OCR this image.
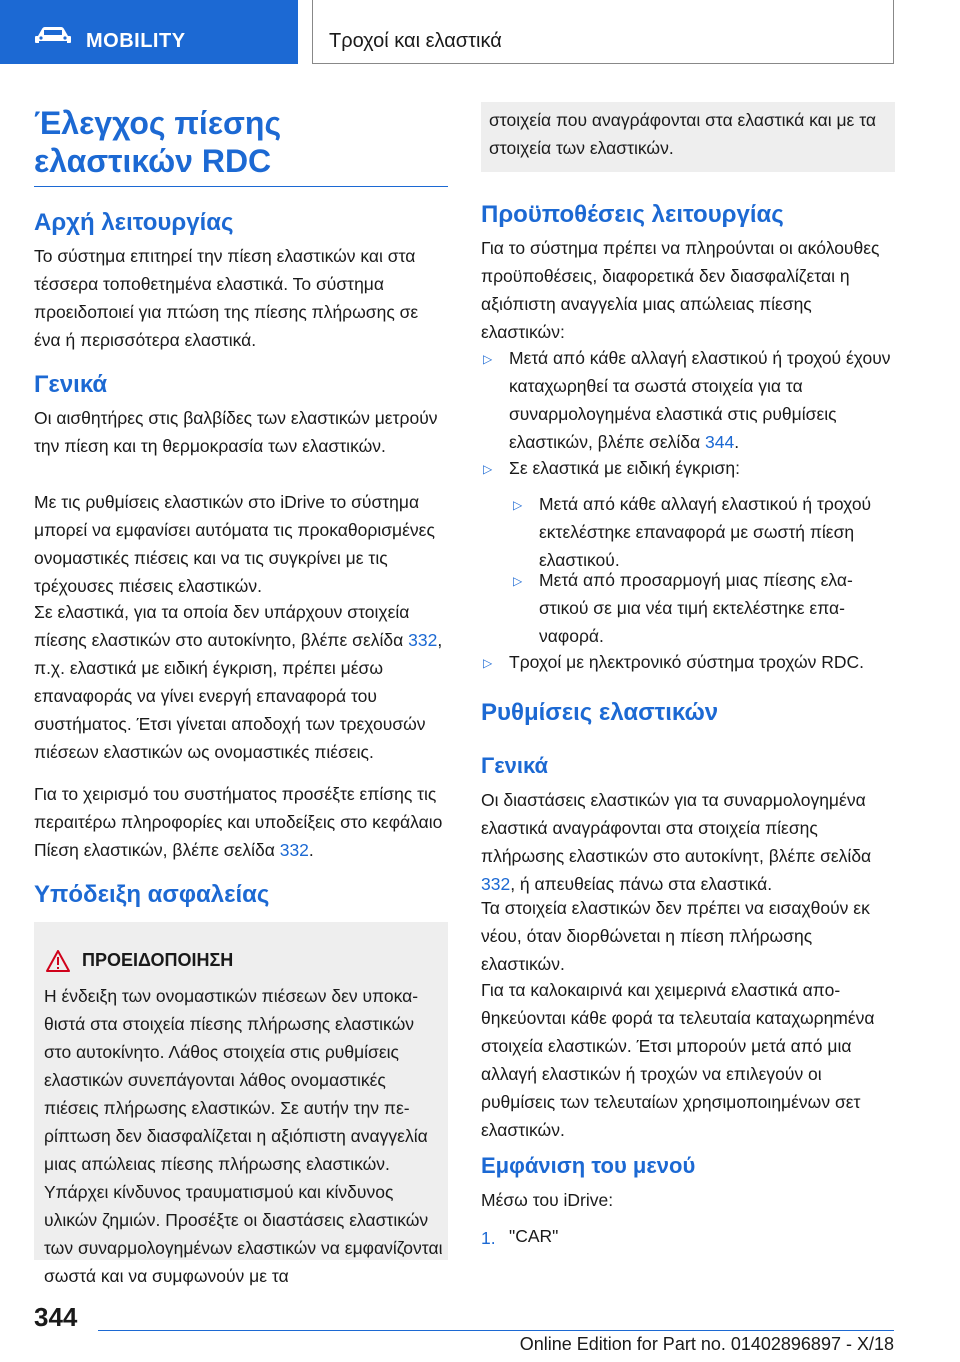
MOBILITY	Τροχοί και ελαστικά
Έλεγχος πίεσης ελαστικών RDC
Αρχή λειτουργίας

Το σύστημα επιτηρεί την πίεση ελαστικών και στα τέσσερα τοποθετημένα ελαστικά. Το σύστημα προειδοποιεί για πτώση της πίεσης πλήρωσης σε ένα ή περισσότερα ελαστικά.

Γενικά

Οι αισθητήρες στις βαλβίδες των ελαστικών μετρούν την πίεση και τη θερμοκρασία των ελαστικών.

Με τις ρυθμίσεις ελαστικών στο iDrive το σύστημα μπορεί να εμφανίσει αυτόματα τις προκαθορισμένες ονομαστικές πιέσεις και να τις συγκρίνει με τις τρέχουσες πιέσεις ελαστικών.

Σε ελαστικά, για τα οποία δεν υπάρχουν στοιχεία πίεσης ελαστικών στο αυτοκίνητο, βλέπε σελίδα 332, π.χ. ελαστικά με ειδική έγκριση, πρέπει μέσω επαναφοράς να γίνει ενεργή επαναφορά του συστήματος. Έτσι γίνεται αποδοχή των τρεχουσών πιέσεων ελαστικών ως ονομαστικές πιέσεις.

Για το χειρισμό του συστήματος προσέξτε επίσης τις περαιτέρω πληροφορίες και υποδείξεις στο κεφάλαιο Πίεση ελαστικών, βλέπε σελίδα 332.

Υπόδειξη ασφαλείας
ΠΡΟΕΙΔΟΠΟΙΗΣΗ
Η ένδειξη των ονομαστικών πιέσεων δεν υποκαθιστά στα στοιχεία πίεσης πλήρωσης ελαστικών στο αυτοκίνητο. Λάθος στοιχεία στις ρυθμίσεις ελαστικών συνεπάγονται λάθος ονομαστικές πιέσεις πλήρωσης ελαστικών. Σε αυτήν την περίπτωση δεν διασφαλίζεται η αξιόπιστη αναγγελία μιας απώλειας πίεσης πλήρωσης ελαστικών. Υπάρχει κίνδυνος τραυματισμού και κίνδυνος υλικών ζημιών. Προσέξτε οι διαστάσεις ελαστικών των συναρμολογημένων ελαστικών να εμφανίζονται σωστά και να συμφωνούν με τα
στοιχεία που αναγράφονται στα ελαστικά και με τα στοιχεία των ελαστικών.
Προϋποθέσεις λειτουργίας

Για το σύστημα πρέπει να πληρούνται οι ακόλουθες προϋποθέσεις, διαφορετικά δεν διασφαλίζεται η αξιόπιστη αναγγελία μιας απώλειας πίεσης ελαστικών:

▷ Μετά από κάθε αλλαγή ελαστικού ή τροχού έχουν καταχωρηθεί τα σωστά στοιχεία για τα συναρμολογημένα ελαστικά στις ρυθμίσεις ελαστικών, βλέπε σελίδα 344.
▷ Σε ελαστικά με ειδική έγκριση:
▷ Μετά από κάθε αλλαγή ελαστικού ή τροχού εκτελέστηκε επαναφορά με σωστή πίεση ελαστικού.
▷ Μετά από προσαρμογή μιας πίεσης ελαστικού σε μια νέα τιμή εκτελέστηκε επαναφορά.
▷ Τροχοί με ηλεκτρονικό σύστημα τροχών RDC.
Ρυθμίσεις ελαστικών
Γενικά

Οι διαστάσεις ελαστικών για τα συναρμολογημένα ελαστικά αναγράφονται στα στοιχεία πίεσης πλήρωσης ελαστικών στο αυτοκίνητ, βλέπε σελίδα 332, ή απευθείας πάνω στα ελαστικά.

Τα στοιχεία ελαστικών δεν πρέπει να εισαχθούν εκ νέου, όταν διορθώνεται η πίεση πλήρωσης ελαστικών.

Για τα καλοκαιρινά και χειμερινά ελαστικά αποθηκεύονται κάθε φορά τα τελευταία καταχωρηmένα στοιχεία ελαστικών. Έτσι μπορούν μετά από μια αλλαγή ελαστικών ή τροχών να επιλεγούν οι ρυθμίσεις των τελευταίων χρησιμοποιημένων σετ ελαστικών.

Εμφάνιση του μενού

Μέσω του iDrive:

1. "CAR"
344
Online Edition for Part no. 01402896897 - X/18
